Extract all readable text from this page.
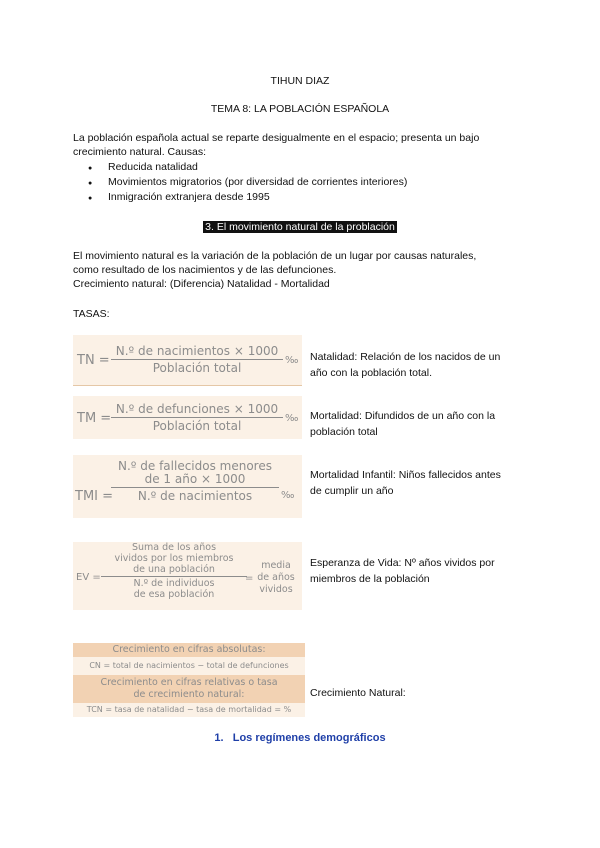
TIHUN DIAZ
TEMA 8: LA POBLACIÓN ESPAÑOLA
La población española actual se reparte desigualmente en el espacio; presenta un bajo
crecimiento natural. Causas:
● Reducida natalidad
● Movimientos migratorios (por diversidad de corrientes interiores)
● Inmigración extranjera desde 1995
3. El movimiento natural de la problación
El movimiento natural es la variación de la población de un lugar por causas naturales,
como resultado de los nacimientos y de las defunciones.
Crecimiento natural: (Diferencia) Natalidad - Mortalidad
TASAS:
TN =
N.º de nacimientos × 1000
Población total
‰ Natalidad: Relación de los nacidos de un
año con la población total.
TM =
N.º de defunciones × 1000
Población total
‰ Mortalidad: Difundidos de un año con la
población total
TMI =
N.º de fallecidos menores
de 1 año × 1000
N.º de nacimientos	‰
Mortalidad Infantil: Niños fallecidos antes
de cumplir un año
EV =
Suma de los años
vividos por los miembros
de una población
N.º de individuos
de esa población
=
media
de años
vividos
Esperanza de Vida: Nº años vividos por
miembros de la población
Crecimiento en cifras absolutas:
CN = total de nacimientos − total de defunciones
Crecimiento en cifras relativas o tasa
de crecimiento natural:
TCN = tasa de natalidad − tasa de mortalidad = %
Crecimiento Natural:
1.   Los regímenes demográficos
